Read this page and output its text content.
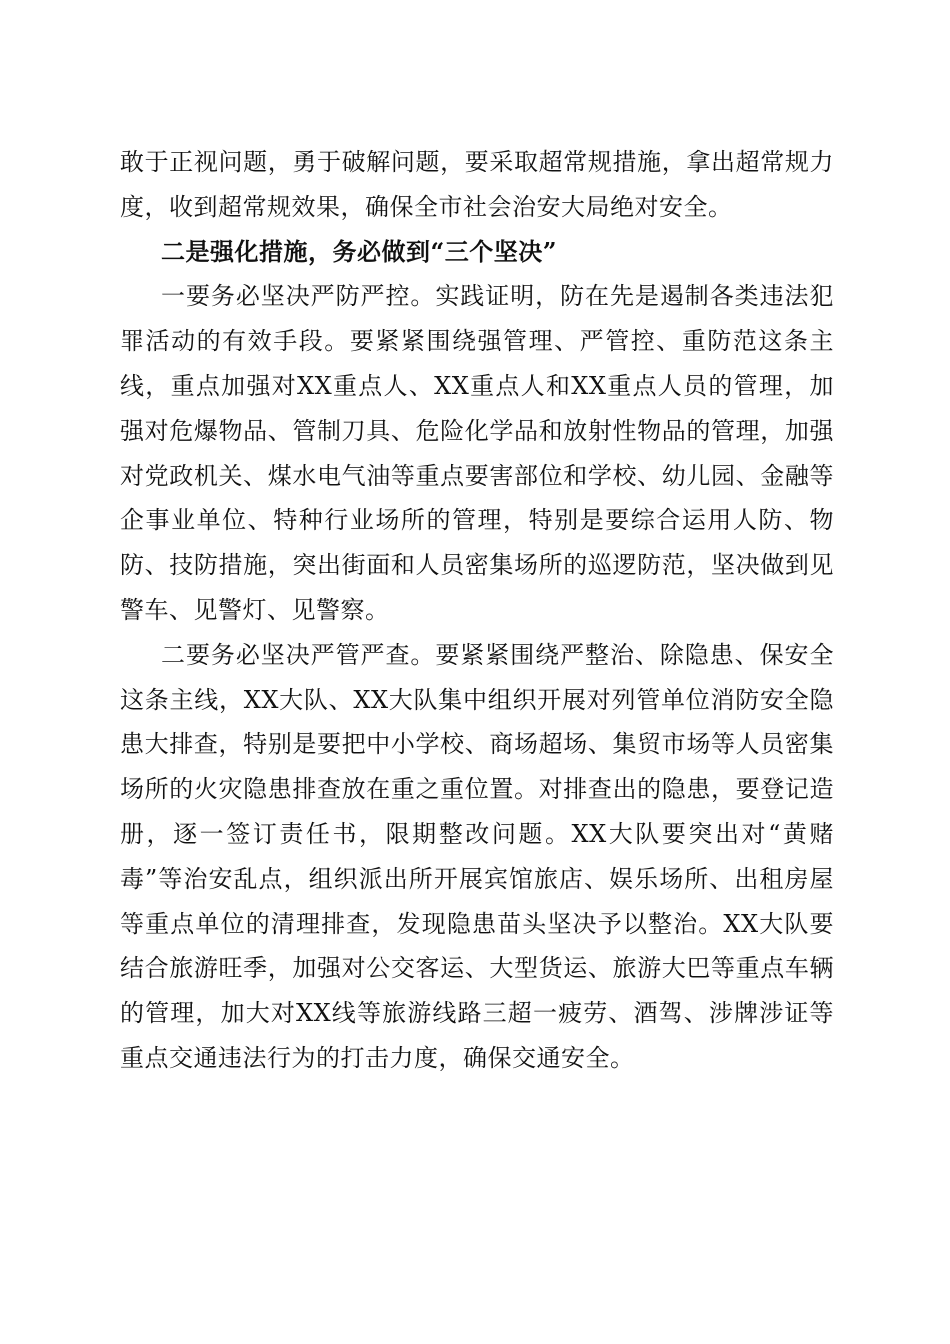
敢于正视问题，勇于破解问题，要采取超常规措施，拿出超常规力度，收到超常规效果，确保全市社会治安大局绝对安全。

二是强化措施，务必做到“三个坚决”

一要务必坚决严防严控。实践证明，防在先是遏制各类违法犯罪活动的有效手段。要紧紧围绕强管理、严管控、重防范这条主线，重点加强对XX重点人、XX重点人和XX重点人员的管理，加强对危爆物品、管制刀具、危险化学品和放射性物品的管理，加强对党政机关、煤水电气油等重点要害部位和学校、幼儿园、金融等企事业单位、特种行业场所的管理，特别是要综合运用人防、物防、技防措施，突出街面和人员密集场所的巡逻防范，坚决做到见警车、见警灯、见警察。

二要务必坚决严管严查。要紧紧围绕严整治、除隐患、保安全这条主线，XX大队、XX大队集中组织开展对列管单位消防安全隐患大排查，特别是要把中小学校、商场超场、集贸市场等人员密集场所的火灾隐患排查放在重之重位置。对排查出的隐患，要登记造册，逐一签订责任书，限期整改问题。XX大队要突出对“黄赌毒”等治安乱点，组织派出所开展宾馆旅店、娱乐场所、出租房屋等重点单位的清理排查，发现隐患苗头坚决予以整治。XX大队要结合旅游旺季，加强对公交客运、大型货运、旅游大巴等重点车辆的管理，加大对XX线等旅游线路三超一疲劳、酒驾、涉牌涉证等重点交通违法行为的打击力度，确保交通安全。
